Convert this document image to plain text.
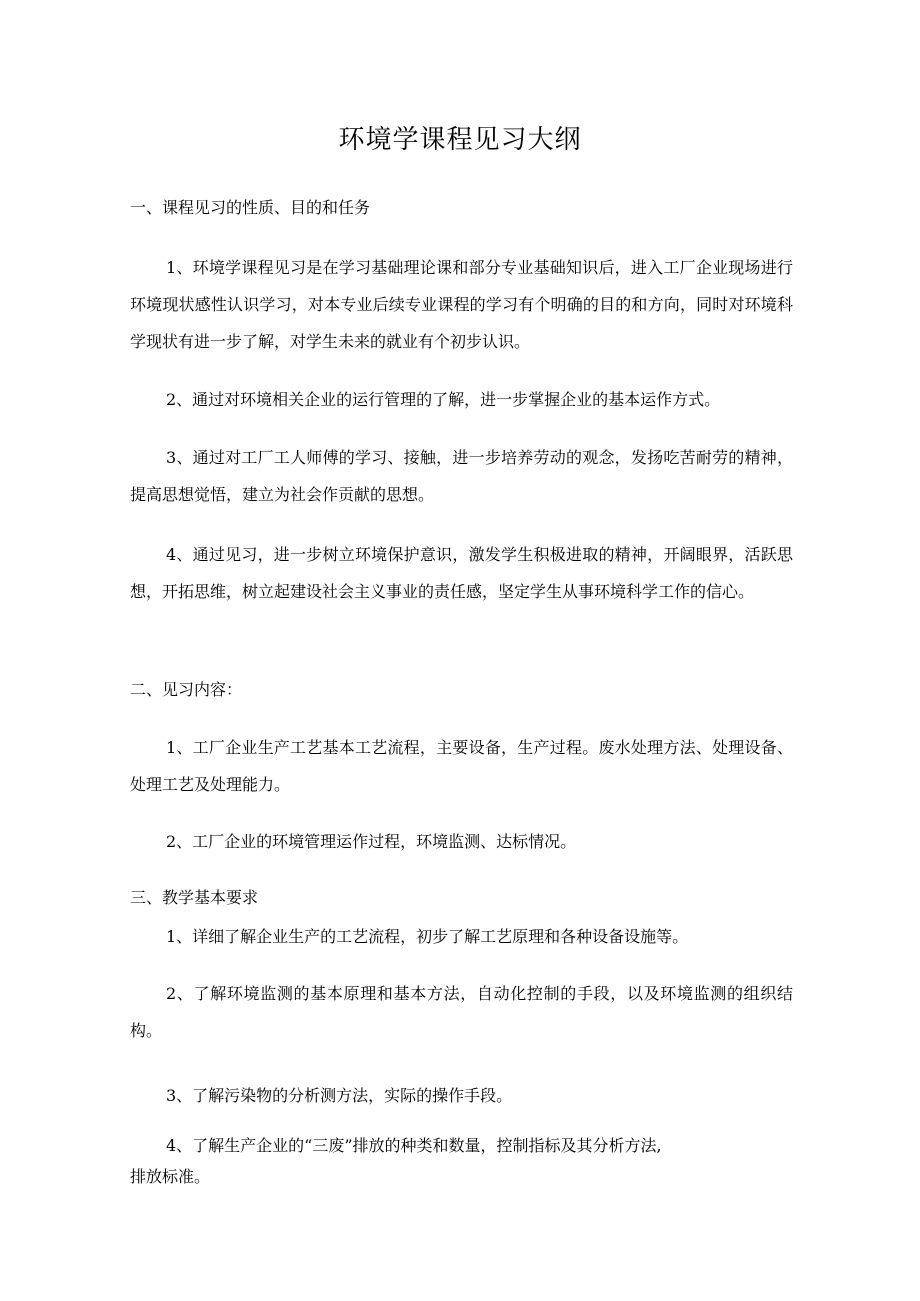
环境学课程见习大纲

一、课程见习的性质、目的和任务

1、环境学课程见习是在学习基础理论课和部分专业基础知识后，进入工厂企业现场进行环境现状感性认识学习，对本专业后续专业课程的学习有个明确的目的和方向，同时对环境科学现状有进一步了解，对学生未来的就业有个初步认识。

2、通过对环境相关企业的运行管理的了解，进一步掌握企业的基本运作方式。

3、通过对工厂工人师傅的学习、接触，进一步培养劳动的观念，发扬吃苦耐劳的精神，提高思想觉悟，建立为社会作贡献的思想。

4、通过见习，进一步树立环境保护意识，激发学生积极进取的精神，开阔眼界，活跃思想，开拓思维，树立起建设社会主义事业的责任感，坚定学生从事环境科学工作的信心。

二、见习内容：

1、工厂企业生产工艺基本工艺流程，主要设备，生产过程。废水处理方法、处理设备、处理工艺及处理能力。

2、工厂企业的环境管理运作过程，环境监测、达标情况。

三、教学基本要求

1、详细了解企业生产的工艺流程，初步了解工艺原理和各种设备设施等。

2、了解环境监测的基本原理和基本方法，自动化控制的手段，以及环境监测的组织结构。

3、了解污染物的分析测方法，实际的操作手段。

4、了解生产企业的“三废”排放的种类和数量，控制指标及其分析方法,

排放标准。
